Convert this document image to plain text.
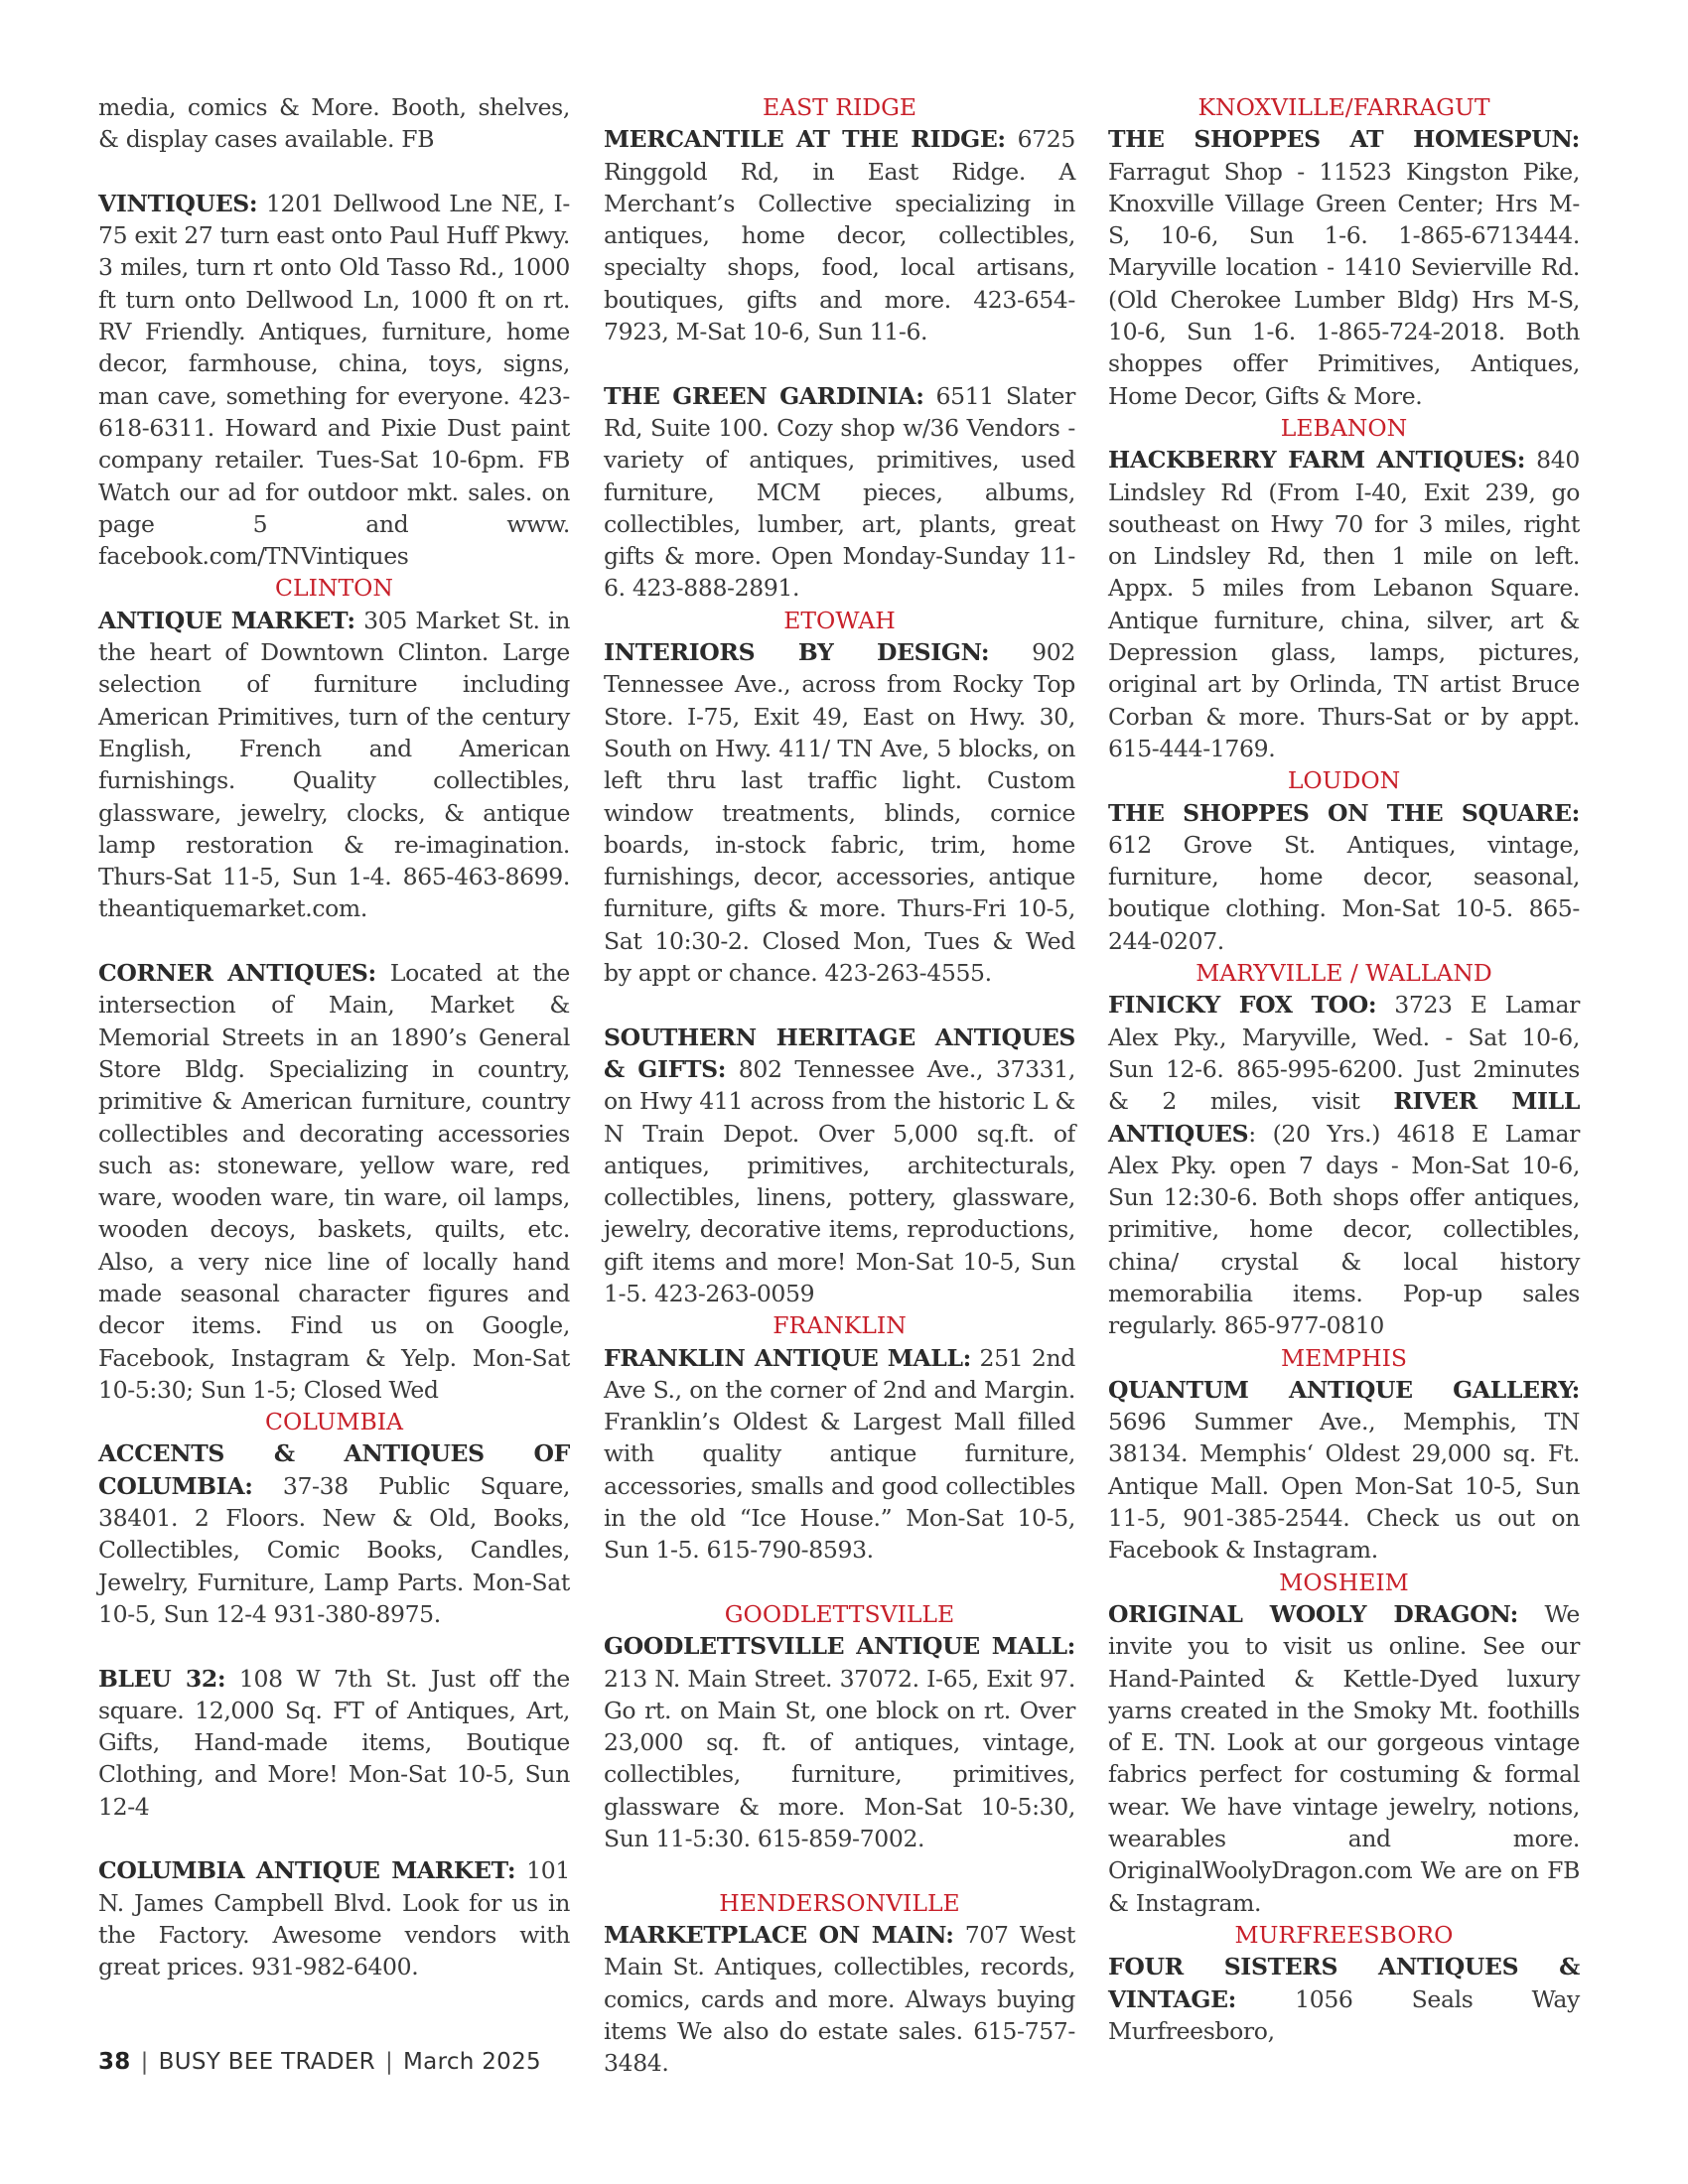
media, comics & More. Booth, shelves, & display cases available. FB
VINTIQUES: 1201 Dellwood Lne NE, I-75 exit 27 turn east onto Paul Huff Pkwy. 3 miles, turn rt onto Old Tasso Rd., 1000 ft turn onto Dellwood Ln, 1000 ft on rt. RV Friendly. Antiques, furniture, home decor, farmhouse, china, toys, signs, man cave, something for everyone. 423-618-6311. Howard and Pixie Dust paint company retailer. Tues-Sat 10-6pm. FB Watch our ad for outdoor mkt. sales. on page 5 and www. facebook.com/TNVintiques
CLINTON
ANTIQUE MARKET: 305 Market St. in the heart of Downtown Clinton. Large selection of furniture including American Primitives, turn of the century English, French and American furnishings. Quality collectibles, glassware, jewelry, clocks, & antique lamp restoration & re-imagination. Thurs-Sat 11-5, Sun 1-4. 865-463-8699. theantiquemarket.com.
CORNER ANTIQUES: Located at the intersection of Main, Market & Memorial Streets in an 1890’s General Store Bldg. Specializing in country, primitive & American furniture, country collectibles and decorating accessories such as: stoneware, yellow ware, red ware, wooden ware, tin ware, oil lamps, wooden decoys, baskets, quilts, etc. Also, a very nice line of locally hand made seasonal character figures and decor items. Find us on Google, Facebook, Instagram & Yelp. Mon-Sat 10-5:30; Sun 1-5; Closed Wed
COLUMBIA
ACCENTS & ANTIQUES OF COLUMBIA: 37-38 Public Square, 38401. 2 Floors. New & Old, Books, Collectibles, Comic Books, Candles, Jewelry, Furniture, Lamp Parts. Mon-Sat 10-5, Sun 12-4 931-380-8975.
BLEU 32: 108 W 7th St. Just off the square. 12,000 Sq. FT of Antiques, Art, Gifts, Hand-made items, Boutique Clothing, and More! Mon-Sat 10-5, Sun 12-4
COLUMBIA ANTIQUE MARKET: 101 N. James Campbell Blvd. Look for us in the Factory. Awesome vendors with great prices. 931-982-6400.
EAST RIDGE
MERCANTILE AT THE RIDGE: 6725 Ringgold Rd, in East Ridge. A Merchant’s Collective specializing in antiques, home decor, collectibles, specialty shops, food, local artisans, boutiques, gifts and more. 423-654-7923, M-Sat 10-6, Sun 11-6.
THE GREEN GARDINIA: 6511 Slater Rd, Suite 100. Cozy shop w/36 Vendors - variety of antiques, primitives, used furniture, MCM pieces, albums, collectibles, lumber, art, plants, great gifts & more. Open Monday-Sunday 11-6. 423-888-2891.
ETOWAH
INTERIORS BY DESIGN: 902 Tennessee Ave., across from Rocky Top Store. I-75, Exit 49, East on Hwy. 30, South on Hwy. 411/ TN Ave, 5 blocks, on left thru last traffic light. Custom window treatments, blinds, cornice boards, in-stock fabric, trim, home furnishings, decor, accessories, antique furniture, gifts & more. Thurs-Fri 10-5, Sat 10:30-2. Closed Mon, Tues & Wed by appt or chance. 423-263-4555.
SOUTHERN HERITAGE ANTIQUES & GIFTS: 802 Tennessee Ave., 37331, on Hwy 411 across from the historic L & N Train Depot. Over 5,000 sq.ft. of antiques, primitives, architecturals, collectibles, linens, pottery, glassware, jewelry, decorative items, reproductions, gift items and more! Mon-Sat 10-5, Sun 1-5. 423-263-0059
FRANKLIN
FRANKLIN ANTIQUE MALL: 251 2nd Ave S., on the corner of 2nd and Margin. Franklin’s Oldest & Largest Mall filled with quality antique furniture, accessories, smalls and good collectibles in the old “Ice House.” Mon-Sat 10-5, Sun 1-5. 615-790-8593.
GOODLETTSVILLE
GOODLETTSVILLE ANTIQUE MALL: 213 N. Main Street. 37072. I-65, Exit 97. Go rt. on Main St, one block on rt. Over 23,000 sq. ft. of antiques, vintage, collectibles, furniture, primitives, glassware & more. Mon-Sat 10-5:30, Sun 11-5:30. 615-859-7002.
HENDERSONVILLE
MARKETPLACE ON MAIN: 707 West Main St. Antiques, collectibles, records, comics, cards and more. Always buying items We also do estate sales. 615-757-3484.
KNOXVILLE/FARRAGUT
THE SHOPPES AT HOMESPUN: Farragut Shop - 11523 Kingston Pike, Knoxville Village Green Center; Hrs M-S, 10-6, Sun 1-6. 1-865-6713444. Maryville location - 1410 Sevierville Rd.(Old Cherokee Lumber Bldg) Hrs M-S, 10-6, Sun 1-6. 1-865-724-2018. Both shoppes offer Primitives, Antiques, Home Decor, Gifts & More.
LEBANON
HACKBERRY FARM ANTIQUES: 840 Lindsley Rd (From I-40, Exit 239, go southeast on Hwy 70 for 3 miles, right on Lindsley Rd, then 1 mile on left. Appx. 5 miles from Lebanon Square. Antique furniture, china, silver, art & Depression glass, lamps, pictures, original art by Orlinda, TN artist Bruce Corban & more. Thurs-Sat or by appt. 615-444-1769.
LOUDON
THE SHOPPES ON THE SQUARE: 612 Grove St. Antiques, vintage, furniture, home decor, seasonal, boutique clothing. Mon-Sat 10-5. 865-244-0207.
MARYVILLE / WALLAND
FINICKY FOX TOO: 3723 E Lamar Alex Pky., Maryville, Wed. - Sat 10-6, Sun 12-6. 865-995-6200. Just 2minutes & 2 miles, visit RIVER MILL ANTIQUES: (20 Yrs.) 4618 E Lamar Alex Pky. open 7 days - Mon-Sat 10-6, Sun 12:30-6. Both shops offer antiques, primitive, home decor, collectibles, china/ crystal & local history memorabilia items. Pop-up sales regularly. 865-977-0810
MEMPHIS
QUANTUM ANTIQUE GALLERY: 5696 Summer Ave., Memphis, TN 38134. Memphis‘ Oldest 29,000 sq. Ft. Antique Mall. Open Mon-Sat 10-5, Sun 11-5, 901-385-2544. Check us out on Facebook & Instagram.
MOSHEIM
ORIGINAL WOOLY DRAGON: We invite you to visit us online. See our Hand-Painted & Kettle-Dyed luxury yarns created in the Smoky Mt. foothills of E. TN. Look at our gorgeous vintage fabrics perfect for costuming & formal wear. We have vintage jewelry, notions, wearables and more. OriginalWoolyDragon.com We are on FB & Instagram.
MURFREESBORO
FOUR SISTERS ANTIQUES & VINTAGE: 1056 Seals Way Murfreesboro,
38 | BUSY BEE TRADER | March 2025
